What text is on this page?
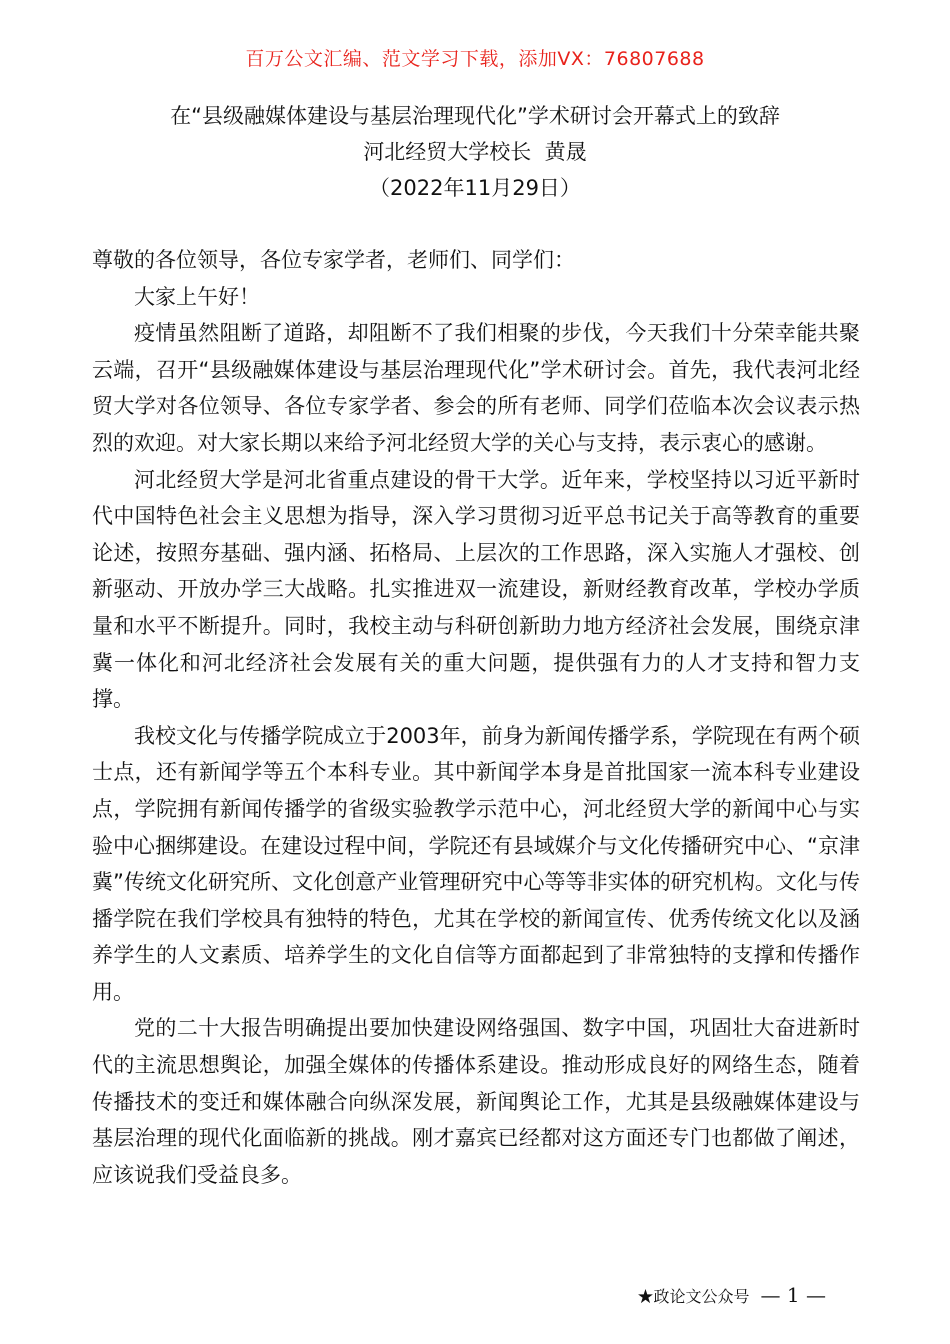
百万公文汇编、范文学习下载，添加VX：76807688
在“县级融媒体建设与基层治理现代化”学术研讨会开幕式上的致辞
河北经贸大学校长  黄晟
（2022年11月29日）

尊敬的各位领导，各位专家学者，老师们、同学们：

大家上午好！

疫情虽然阻断了道路，却阻断不了我们相聚的步伐，今天我们十分荣幸能共聚云端，召开“县级融媒体建设与基层治理现代化”学术研讨会。首先，我代表河北经贸大学对各位领导、各位专家学者、参会的所有老师、同学们莅临本次会议表示热烈的欢迎。对大家长期以来给予河北经贸大学的关心与支持，表示衷心的感谢。

河北经贸大学是河北省重点建设的骨干大学。近年来，学校坚持以习近平新时代中国特色社会主义思想为指导，深入学习贯彻习近平总书记关于高等教育的重要论述，按照夯基础、强内涵、拓格局、上层次的工作思路，深入实施人才强校、创新驱动、开放办学三大战略。扎实推进双一流建设，新财经教育改革，学校办学质量和水平不断提升。同时，我校主动与科研创新助力地方经济社会发展，围绕京津冀一体化和河北经济社会发展有关的重大问题，提供强有力的人才支持和智力支撑。

我校文化与传播学院成立于2003年，前身为新闻传播学系，学院现在有两个硕士点，还有新闻学等五个本科专业。其中新闻学本身是首批国家一流本科专业建设点，学院拥有新闻传播学的省级实验教学示范中心，河北经贸大学的新闻中心与实验中心捆绑建设。在建设过程中间，学院还有县域媒介与文化传播研究中心、“京津冀”传统文化研究所、文化创意产业管理研究中心等等非实体的研究机构。文化与传播学院在我们学校具有独特的特色，尤其在学校的新闻宣传、优秀传统文化以及涵养学生的人文素质、培养学生的文化自信等方面都起到了非常独特的支撑和传播作用。

党的二十大报告明确提出要加快建设网络强国、数字中国，巩固壮大奋进新时代的主流思想舆论，加强全媒体的传播体系建设。推动形成良好的网络生态，随着传播技术的变迁和媒体融合向纵深发展，新闻舆论工作，尤其是县级融媒体建设与基层治理的现代化面临新的挑战。刚才嘉宾已经都对这方面还专门也都做了阐述，应该说我们受益良多。

★政论文公众号 — 1 —
